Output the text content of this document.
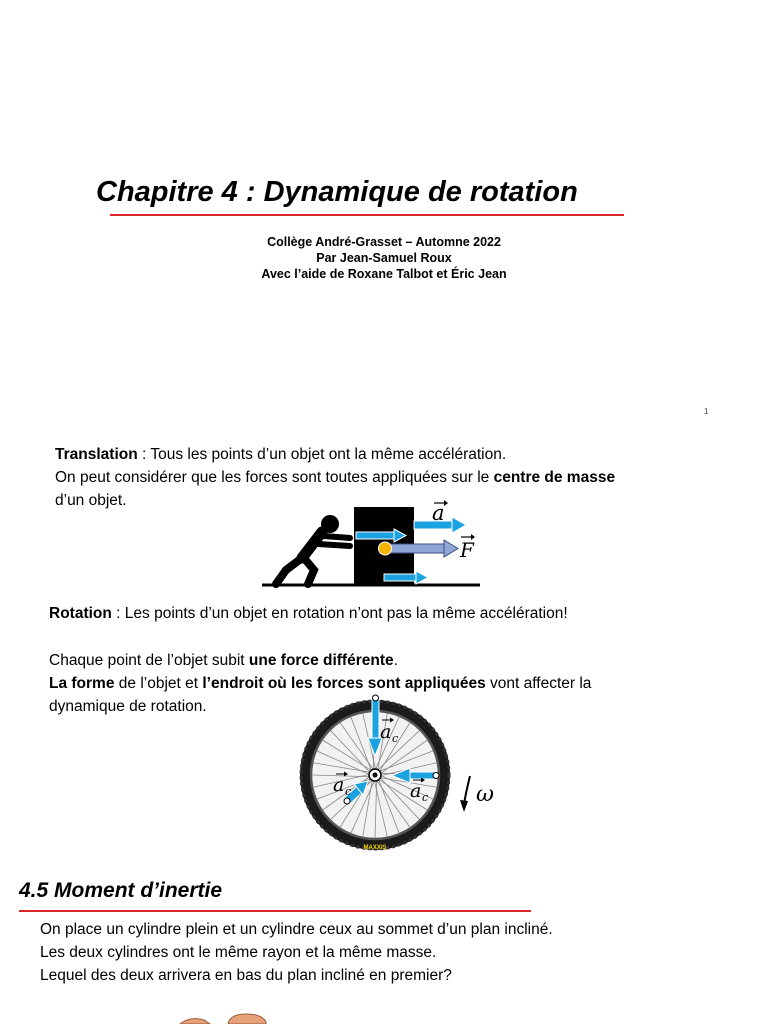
Chapitre 4 : Dynamique de rotation
Collège André-Grasset – Automne 2022
Par Jean-Samuel Roux
Avec l’aide de Roxane Talbot et Éric Jean
1
Translation : Tous les points d’un objet ont la même accélération.
On peut considérer que les forces sont toutes appliquées sur le centre de masse
d’un objet.
a
F
Rotation : Les points d’un objet en rotation n’ont pas la même accélération!
Chaque point de l’objet subit une force différente.
La forme de l’objet et l’endroit où les forces sont appliquées vont affecter la
dynamique de rotation.
MAXXIS
a c
a c	a c ω
4.5 Moment d’inertie
On place un cylindre plein et un cylindre ceux au sommet d’un plan incliné.
Les deux cylindres ont le même rayon et la même masse.
Lequel des deux arrivera en bas du plan incliné en premier?
